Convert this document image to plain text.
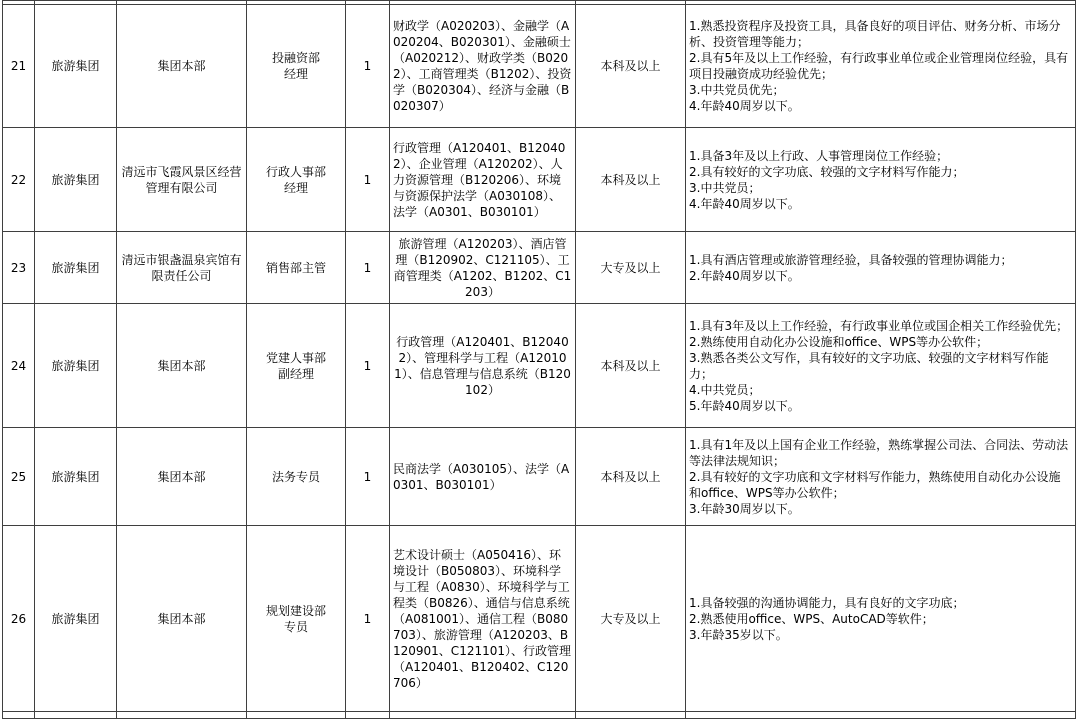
21	旅游集团	集团本部	投融资部
经理	1	财政学（A020203）、金融学（A020204、B020301）、金融硕士（A020212）、财政学类（B0202）、工商管理类（B1202）、投资学（B020304）、经济与金融（B020307）	本科及以上	1.熟悉投资程序及投资工具，具备良好的项目评估、财务分析、市场分析、投资管理等能力；
2.具有5年及以上工作经验，有行政事业单位或企业管理岗位经验，具有项目投融资成功经验优先；
3.中共党员优先；
4.年龄40周岁以下。
22	旅游集团	清远市飞霞风景区经营管理有限公司	行政人事部
经理	1	行政管理（A120401、B120402）、企业管理（A120202）、人力资源管理（B120206）、环境与资源保护法学（A030108）、法学（A0301、B030101）	本科及以上	1.具备3年及以上行政、人事管理岗位工作经验；
2.具有较好的文字功底、较强的文字材料写作能力；
3.中共党员；
4.年龄40周岁以下。
23	旅游集团	清远市银盏温泉宾馆有限责任公司	销售部主管	1	旅游管理（A120203）、酒店管理（B120902、C121105）、工商管理类（A1202、B1202、C1203）	大专及以上	1.具有酒店管理或旅游管理经验，具备较强的管理协调能力；
2.年龄40周岁以下。
24	旅游集团	集团本部	党建人事部
副经理	1	行政管理（A120401、B120402）、管理科学与工程（A120101）、信息管理与信息系统（B120102）	本科及以上	1.具有3年及以上工作经验，有行政事业单位或国企相关工作经验优先；
2.熟练使用自动化办公设施和office、WPS等办公软件；
3.熟悉各类公文写作，具有较好的文字功底、较强的文字材料写作能力；
4.中共党员；
5.年龄40周岁以下。
25	旅游集团	集团本部	法务专员	1	民商法学（A030105）、法学（A0301、B030101）	本科及以上	1.具有1年及以上国有企业工作经验，熟练掌握公司法、合同法、劳动法等法律法规知识；
2.具有较好的文字功底和文字材料写作能力，熟练使用自动化办公设施和office、WPS等办公软件；
3.年龄30周岁以下。
26	旅游集团	集团本部	规划建设部
专员	1	艺术设计硕士（A050416）、环境设计（B050803）、环境科学与工程（A0830）、环境科学与工程类（B0826）、通信与信息系统（A081001）、通信工程（B080703）、旅游管理（A120203、B120901、C121101）、行政管理（A120401、B120402、C120706）	大专及以上	1.具备较强的沟通协调能力，具有良好的文字功底；
2.熟悉使用office、WPS、AutoCAD等软件；
3.年龄35岁以下。
